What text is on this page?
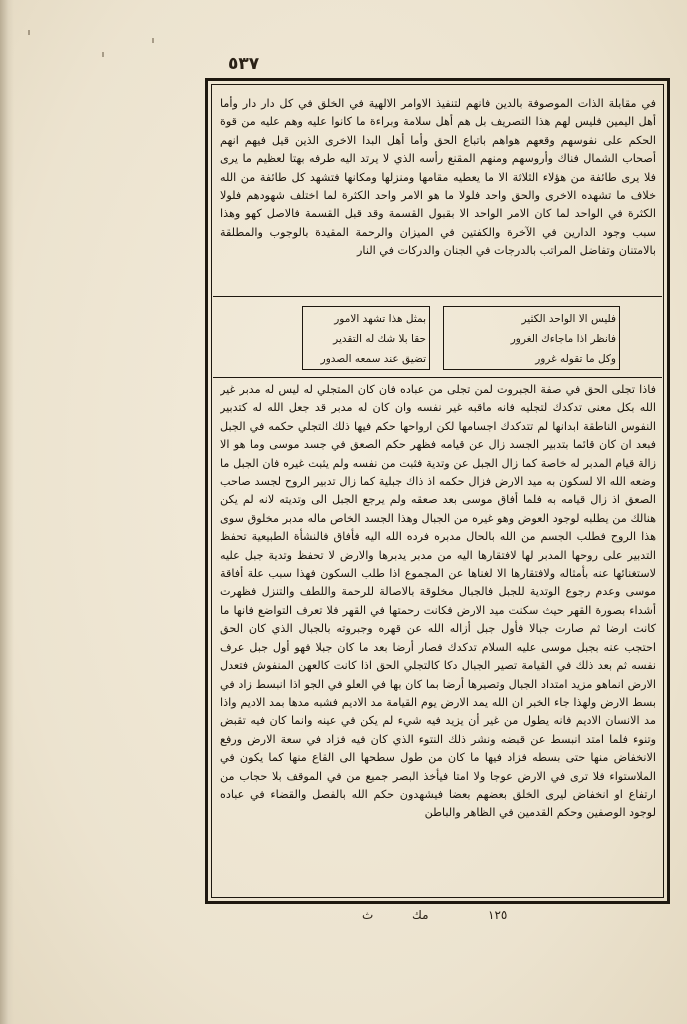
٥٣٧
في مقابلة الذات الموصوفة بالدين فانهم لتنفيذ الاوامر الالهية في الخلق في كل دار دار وأما أهل اليمين فليس لهم هذا التصريف بل هم أهل سلامة وبراءة ما كانوا عليه وهم عليه من قوة الحكم على نفوسهم وقعهم هواهم باتباع الحق وأما أهل البدا الاخرى الذين قيل فيهم انهم أصحاب الشمال فناك وأروسهم ومنهم المقنع رأسه الذي لا يرتد اليه طرفه بهتا لعظيم ما يرى فلا يرى طائفة من هؤلاء الثلاثة الا ما يعطيه مقامها ومنزلها ومكانها فتشهد كل طائفة من الله خلاف ما تشهده الاخرى والحق واحد فلولا ما هو الامر واحد الكثرة لما اختلف شهودهم فلولا الكثرة في الواحد لما كان الامر الواحد الا بقبول القسمة وقد قبل القسمة فالاصل كهو وهذا سبب وجود الدارين في الآخرة والكفتين في الميزان والرحمة المقيدة بالوجوب والمطلقة بالامتنان وتفاضل المراتب بالدرجات في الجنان والدركات في النار
فليس الا الواحد الكثير
فانظر اذا ماجاءك الغرور
وكل ما تقوله غرور
بمثل هذا تشهد الامور
حقا بلا شك له التقدير
تضيق عند سمعه الصدور
فاذا تجلى الحق في صفة الجبروت لمن تجلى من عباده فان كان المتجلي له ليس له مدبر غير الله بكل معنى تدكدك لتجليه فانه ماقبه غير نفسه وان كان له مدبر قد جعل الله له كتدبير النفوس الناطقة ابدانها لم تتدكدك اجسامها لكن ارواحها حكم فيها ذلك التجلي حكمه في الجبل فبعد ان كان قائما بتدبير الجسد زال عن قيامه فظهر حكم الصعق في جسد موسى وما هو الا زالة قيام المدبر له خاصة كما زال الجبل عن وتدية فثبت من نفسه ولم يثبت غيره فان الجبل ما وضعه الله الا لسكون به ميد الارض فزال حكمه اذ ذاك جبلية كما زال تدبير الروح لجسد صاحب الصعق اذ زال قيامه به فلما أفاق موسى بعد صعقه ولم يرجع الجبل الى وتديته لانه لم يكن هنالك من يطلبه لوجود العوض وهو غيره من الجبال وهذا الجسد الخاص ماله مدبر مخلوق سوى هذا الروح فطلب الجسم من الله بالحال مدبره فرده الله اليه فأفاق فالنشأة الطبيعية تحفظ التدبير على روحها المدبر لها لافتقارها اليه من مدبر يدبرها والارض لا تحفظ وتدية جبل عليه لاستغنائها عنه بأمثاله ولافتقارها الا لغناها عن المجموع اذا طلب السكون فهذا سبب علة أفاقة موسى وعدم رجوع الوتدية للجبل فالجبال مخلوقة بالاصالة للرحمة واللطف والتنزل فظهرت أشداء بصورة القهر حيث سكنت ميد الارض فكانت رحمتها في القهر فلا تعرف التواضع فانها ما كانت ارضا ثم صارت جبالا فأول جبل أزاله الله عن قهره وجبروته بالجبال الذي كان الحق احتجب عنه بجبل موسى عليه السلام تدكدك فصار أرضا بعد ما كان جبلا فهو أول جبل عرف نفسه ثم بعد ذلك في القيامة تصير الجبال دكا كالتجلي الحق اذا كانت كالعهن المنفوش فتعدل الارض انماهو مزيد امتداد الجبال وتصيرها أرضا بما كان بها في العلو في الجو اذا انبسط زاد في بسط الارض ولهذا جاء الخبر ان الله يمد الارض يوم القيامة مد الاديم فشبه مدها بمد الاديم واذا مد الانسان الاديم فانه يطول من غير أن يزيد فيه شيء لم يكن في عينه وانما كان فيه تقبض وتنوء فلما امتد انبسط عن قبضه ونشر ذلك النتوء الذي كان فيه فزاد في سعة الارض ورفع الانخفاض منها حتى بسطه فزاد فيها ما كان من طول سطحها الى القاع منها كما يكون في الملاستواء فلا ترى في الارض عوجا ولا امتا فيأخذ البصر جميع من في الموقف بلا حجاب من ارتفاع او انخفاض ليرى الخلق بعضهم بعضا فيشهدون حكم الله بالفصل والقضاء في عباده لوجود الوصفين وحكم القدمين في الظاهر والباطن
١٢٥
مك
ث
